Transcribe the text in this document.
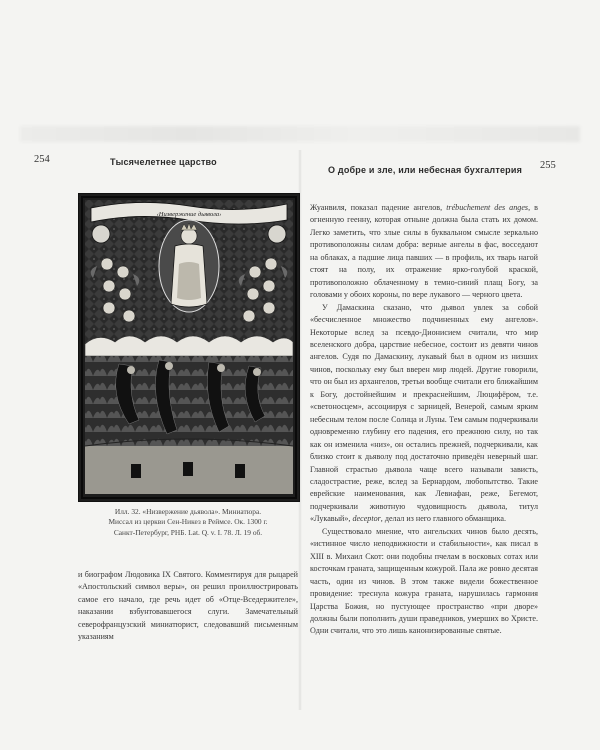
254	Тысячелетнее царство
‹Низвержение дьявола›
Илл. 32. «Низвержение дьявола». Миниатюра.
Миссал из церкви Сен-Никез в Реймсе. Ок. 1300 г.
Санкт-Петербург, РНБ. Lat. Q. v. I. 78. Л. 19 об.

и биографом Людовика IX Святого. Комментируя для рыцарей «Апостольский символ веры», он решил проиллюстрировать самое его начало, где речь идет об «Отце-Вседержителе», наказании взбунтовавшегося слуги. Замечательный северофранцузский миниатюрист, следовавший письменным указаниям

О добре и зле, или небесная бухгалтерия 255

Жуанвиля, показал падение ангелов, trébuchement des anges, в огненную геенну, которая отныне должна была стать их домом. Легко заметить, что злые силы в буквальном смысле зеркально противоположны силам добра: верные ангелы в фас, восседают на облаках, а падшие лица павших — в профиль, их тварь нагой стоят на полу, их отражение ярко-голубой краской, противоположно облаченному в темно-синий плащ Богу, за головами у обоих короны, по вере лукавого — черного цвета.

У Дамаскина сказано, что дьявол увлек за собой «бесчисленное множество подчиненных ему ангелов». Некоторые вслед за псевдо-Дионисием считали, что мир вселенского добра, царствие небесное, состоит из девяти чинов ангелов. Судя по Дамаскину, лукавый был в одном из низших чинов, поскольку ему был вверен мир людей. Другие говорили, что он был из архангелов, третьи вообще считали его ближайшим к Богу, достойнейшим и прекраснейшим, Люцифёром, т.е. «светоносцем», ассоциируя с зарницей, Венерой, самым ярким небесным телом после Солнца и Луны. Тем самым подчеркивали одновременно глубину его падения, его прежнюю силу, но так как он изменила «низ», он остались прежней, подчеркивали, как близко стоит к дьяволу под достаточно приведён неверный шаг. Главной страстью дьявола чаще всего называли зависть, сладострастие, реже, вслед за Бернардом, любопытство. Такие еврейские наименования, как Левиафан, реже, Бегемот, подчеркивали животную чудовищность дьявола, титул «Лукавый», deceptor, делал из него главного обманщика.

Существовало мнение, что ангельских чинов было десять, «истинное число неподвижности и стабильности», как писал в XIII в. Михаил Скот: они подобны пчелам в восковых сотах или косточкам граната, защищенным кожурой. Пала же ровно десятая часть, один из чинов. В этом также видели божественное провидение: треснула кожура граната, нарушилась гармония Царства Божия, но пустующее пространство «при дворе» должны были пополнить души праведников, умерших во Христе. Одни считали, что это лишь канонизированные святые.
